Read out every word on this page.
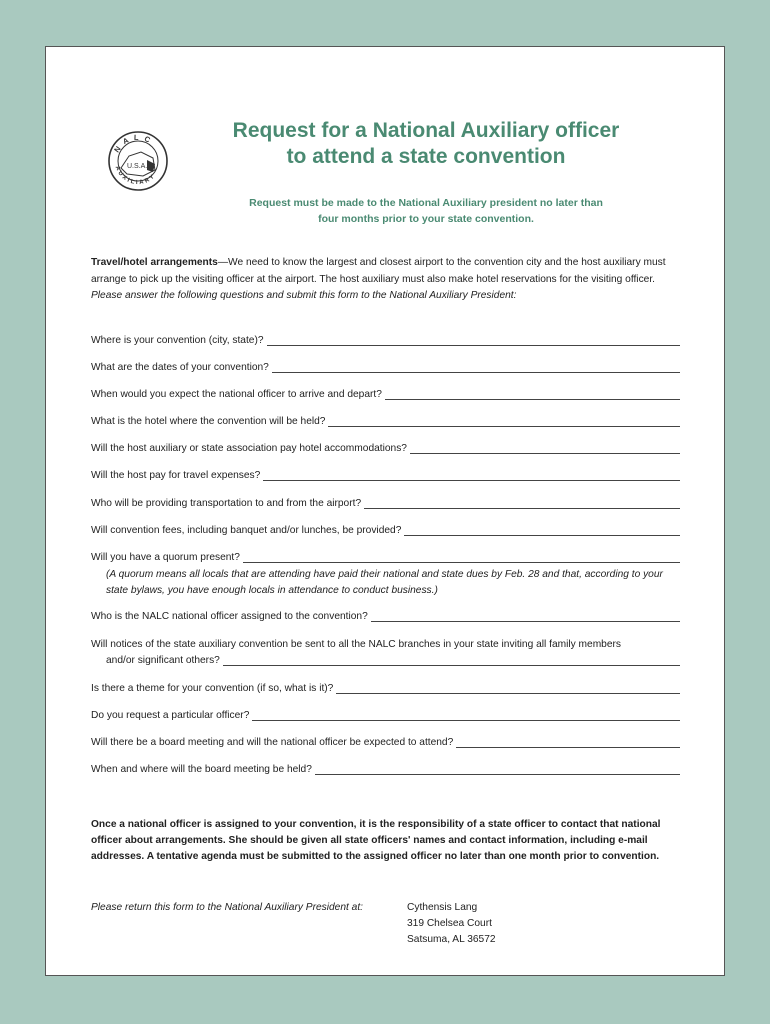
NALC
AUXILIARY
U.S.A.
Request for a National Auxiliary officer
to attend a state convention
Request must be made to the National Auxiliary president no later than
four months prior to your state convention.
Travel/hotel arrangements—We need to know the largest and closest airport to the convention city and the host auxiliary must arrange to pick up the visiting officer at the airport. The host auxiliary must also make hotel reservations for the visiting officer. Please answer the following questions and submit this form to the National Auxiliary President:
Where is your convention (city, state)?
What are the dates of your convention?
When would you expect the national officer to arrive and depart?
What is the hotel where the convention will be held?
Will the host auxiliary or state association pay hotel accommodations?
Will the host pay for travel expenses?
Who will be providing transportation to and from the airport?
Will convention fees, including banquet and/or lunches, be provided?
Will you have a quorum present?
(A quorum means all locals that are attending have paid their national and state dues by Feb. 28 and that, according to your state bylaws, you have enough locals in attendance to conduct business.)
Who is the NALC national officer assigned to the convention?
Will notices of the state auxiliary convention be sent to all the NALC branches in your state inviting all family members
and/or significant others?
Is there a theme for your convention (if so, what is it)?
Do you request a particular officer?
Will there be a board meeting and will the national officer be expected to attend?
When and where will the board meeting be held?
Once a national officer is assigned to your convention, it is the responsibility of a state officer to contact that national officer about arrangements. She should be given all state officers' names and contact information, including e-mail addresses. A tentative agenda must be submitted to the assigned officer no later than one month prior to convention.
Please return this form to the National Auxiliary President at:	Cythensis Lang
319 Chelsea Court
Satsuma, AL 36572
